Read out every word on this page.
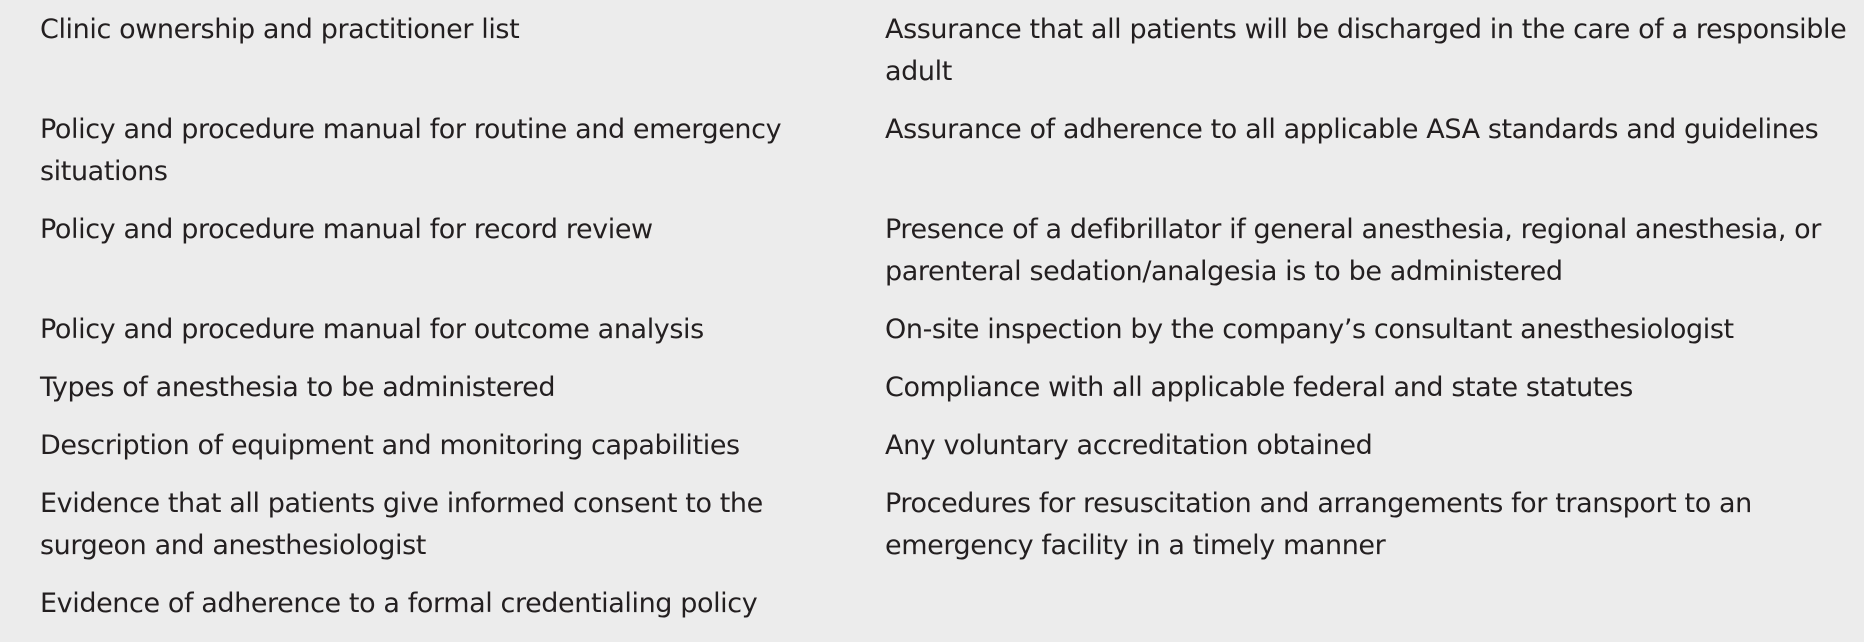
Clinic ownership and practitioner list	Assurance that all patients will be discharged in the care of a responsible adult
Policy and procedure manual for routine and emergency situations	Assurance of adherence to all applicable ASA standards and guidelines
Policy and procedure manual for record review	Presence of a defibrillator if general anesthesia, regional anesthesia, or parenteral sedation/analgesia is to be administered
Policy and procedure manual for outcome analysis	On-site inspection by the company’s consultant anesthesiologist
Types of anesthesia to be administered	Compliance with all applicable federal and state statutes
Description of equipment and monitoring capabilities	Any voluntary accreditation obtained
Evidence that all patients give informed consent to the surgeon and anesthesiologist	Procedures for resuscitation and arrangements for transport to an emergency facility in a timely manner
Evidence of adherence to a formal credentialing policy	
